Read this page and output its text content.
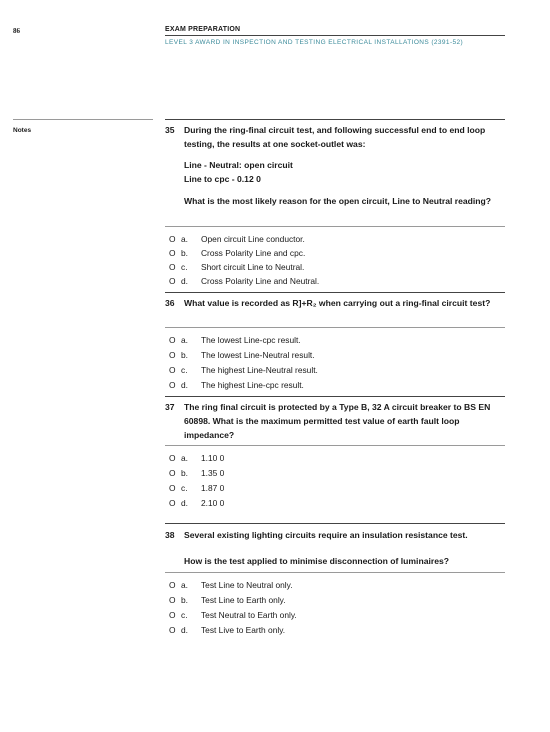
86	EXAM PREPARATION
LEVEL 3 AWARD IN INSPECTION AND TESTING ELECTRICAL INSTALLATIONS (2391-52)
Notes	35	During the ring-final circuit test, and following successful end to end loop testing, the results at one socket-outlet was:
Line - Neutral: open circuit
Line to cpc - 0.12 0
What is the most likely reason for the open circuit, Line to Neutral reading?
O a. Open circuit Line conductor.
O b. Cross Polarity Line and cpc.
O c. Short circuit Line to Neutral.
O d. Cross Polarity Line and Neutral.
36	What value is recorded as R]+R₂ when carrying out a ring-final circuit test?
O a. The lowest Line-cpc result.
O b. The lowest Line-Neutral result.
O c. The highest Line-Neutral result.
O d. The highest Line-cpc result.
37	The ring final circuit is protected by a Type B, 32 A circuit breaker to BS EN 60898. What is the maximum permitted test value of earth fault loop impedance?
O a. 1.10 0
O b. 1.35 0
O c. 1.87 0
O d. 2.10 0
38	Several existing lighting circuits require an insulation resistance test.
How is the test applied to minimise disconnection of luminaires?
O a. Test Line to Neutral only.
O b. Test Line to Earth only.
O c. Test Neutral to Earth only.
O d. Test Live to Earth only.
